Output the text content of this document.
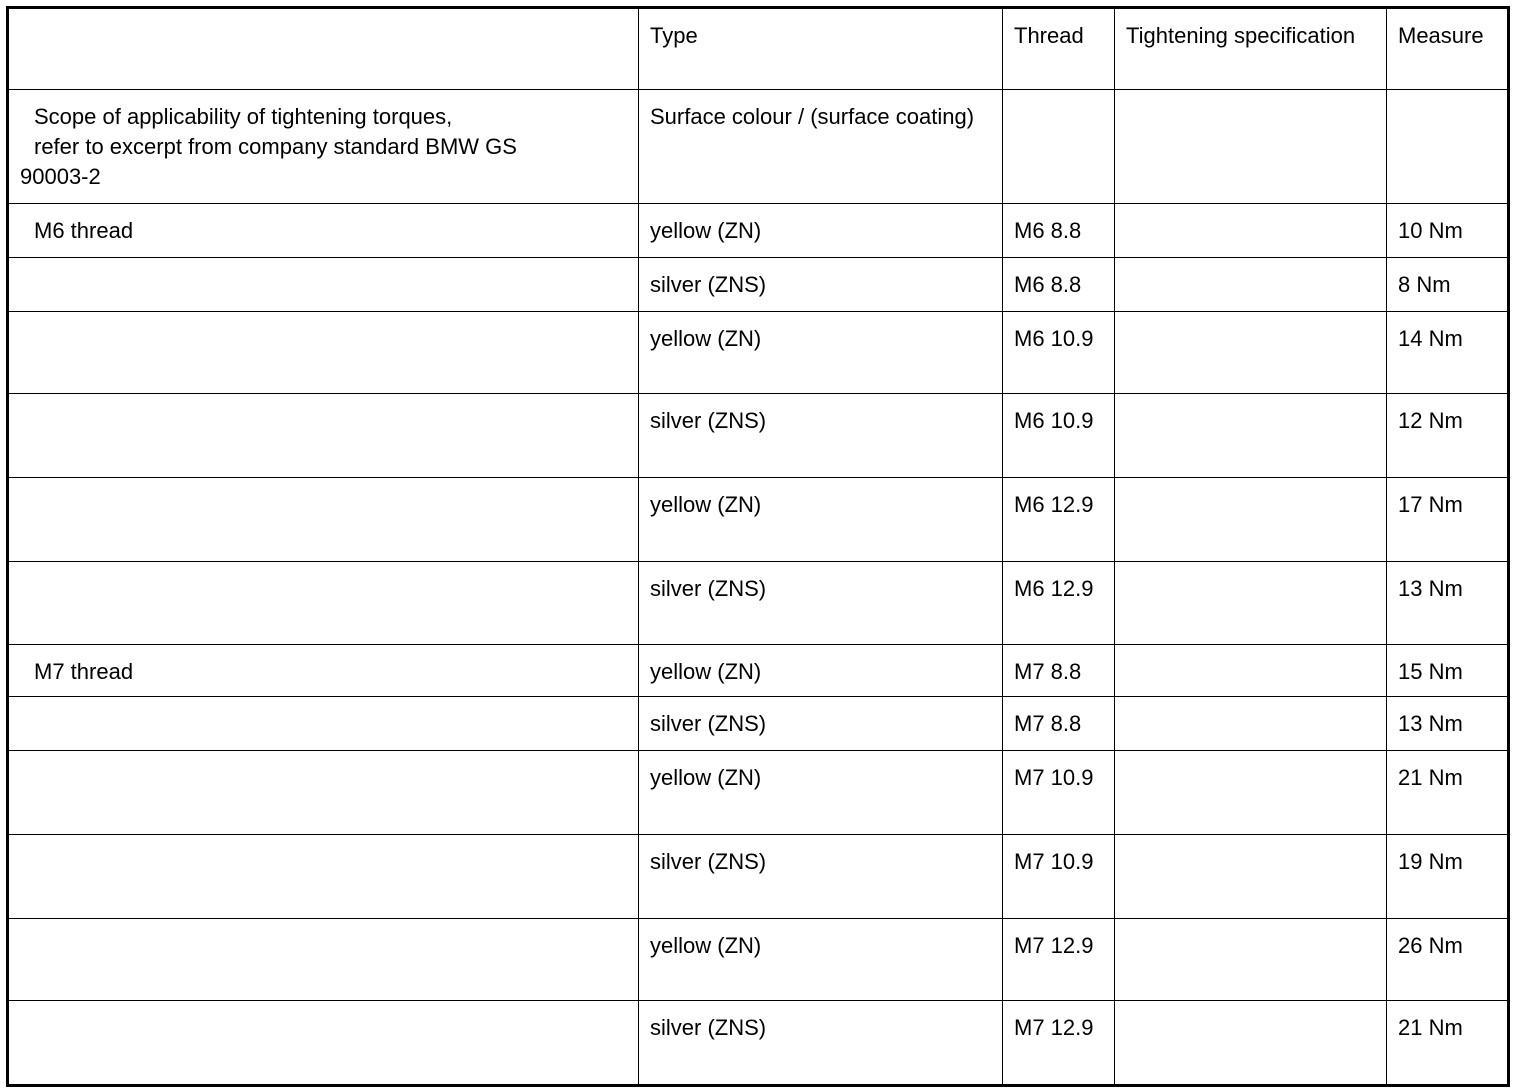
	Type	Thread	Tightening specification	Measure

Scope of applicability of tightening torques,
refer to excerpt from company standard BMW GS
90003-2	Surface colour / (surface coating)			
M6 thread	yellow (ZN)	M6 8.8		10 Nm
	silver (ZNS)	M6 8.8		8 Nm
	yellow (ZN)	M6 10.9		14 Nm
	silver (ZNS)	M6 10.9		12 Nm
	yellow (ZN)	M6 12.9		17 Nm
	silver (ZNS)	M6 12.9		13 Nm
M7 thread	yellow (ZN)	M7 8.8		15 Nm
	silver (ZNS)	M7 8.8		13 Nm
	yellow (ZN)	M7 10.9		21 Nm
	silver (ZNS)	M7 10.9		19 Nm
	yellow (ZN)	M7 12.9		26 Nm
	silver (ZNS)	M7 12.9		21 Nm
